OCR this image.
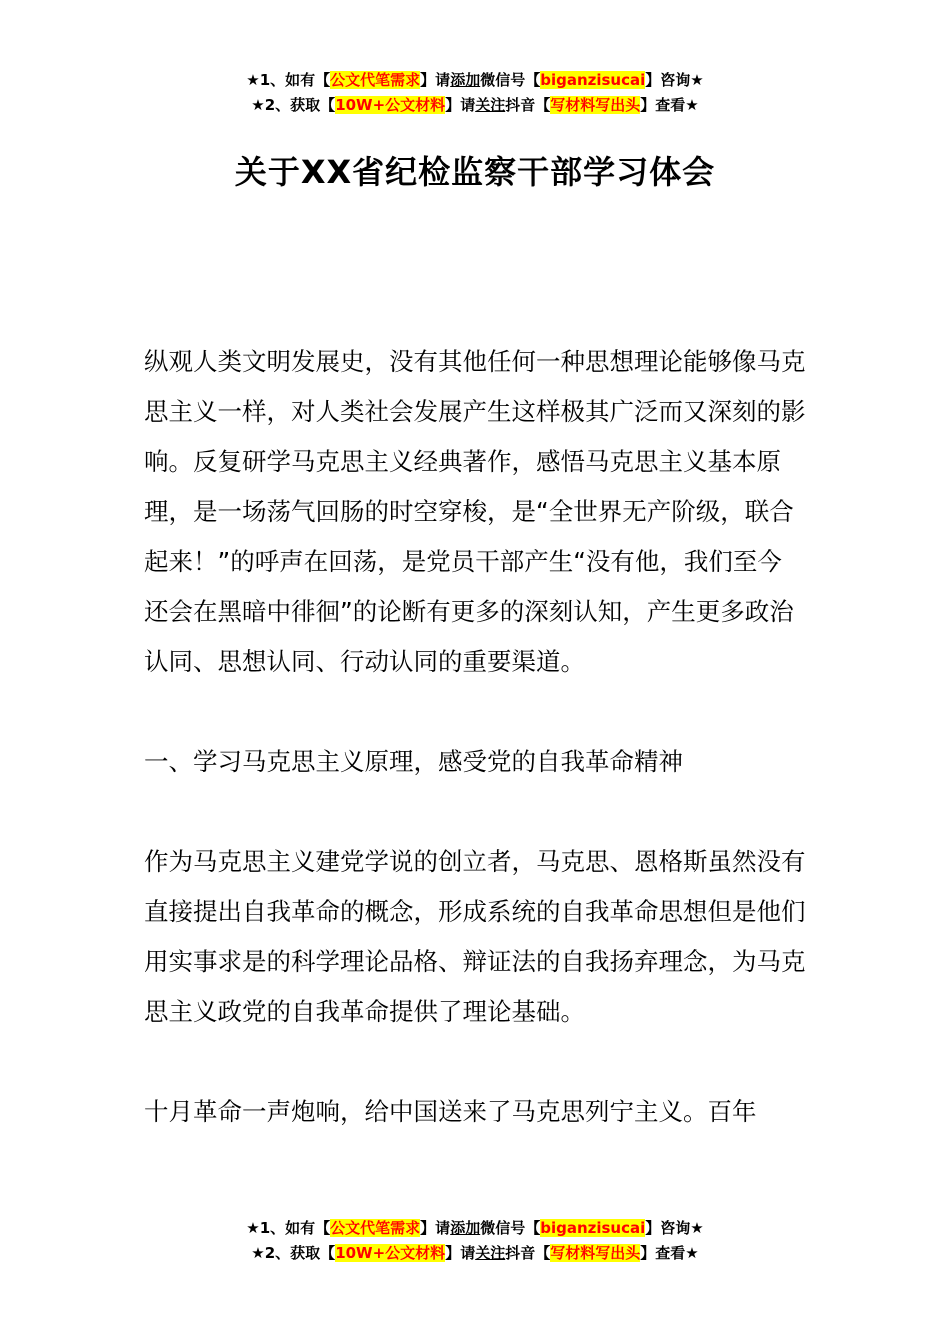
★1、如有【公文代笔需求】请添加微信号【biganzisucai】咨询★
★2、获取【10W+公文材料】请关注抖音【写材料写出头】查看★
关于XX省纪检监察干部学习体会

纵观人类文明发展史，没有其他任何一种思想理论能够像马克思主义一样，对人类社会发展产生这样极其广泛而又深刻的影响。反复研学马克思主义经典著作，感悟马克思主义基本原理，是一场荡气回肠的时空穿梭，是“全世界无产阶级，联合起来！”的呼声在回荡，是党员干部产生“没有他，我们至今还会在黑暗中徘徊”的论断有更多的深刻认知，产生更多政治认同、思想认同、行动认同的重要渠道。

一、学习马克思主义原理，感受党的自我革命精神

作为马克思主义建党学说的创立者，马克思、恩格斯虽然没有直接提出自我革命的概念，形成系统的自我革命思想但是他们用实事求是的科学理论品格、辩证法的自我扬弃理念，为马克思主义政党的自我革命提供了理论基础。

十月革命一声炮响，给中国送来了马克思列宁主义。百年

★1、如有【公文代笔需求】请添加微信号【biganzisucai】咨询★
★2、获取【10W+公文材料】请关注抖音【写材料写出头】查看★
